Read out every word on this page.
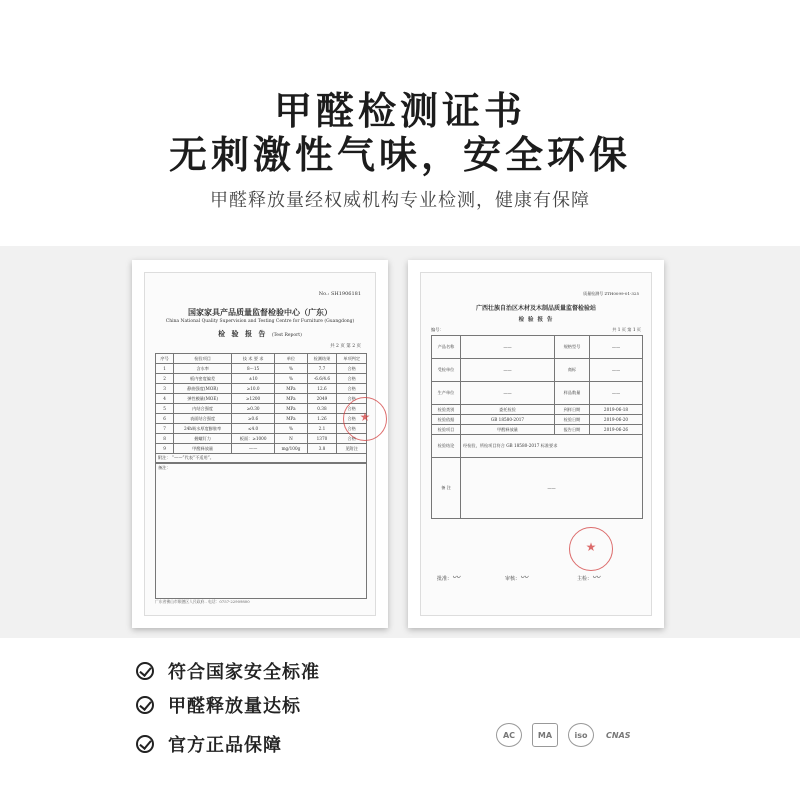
甲醛检测证书
无刺激性气味，安全环保
甲醛释放量经权威机构专业检测，健康有保障
No.: SH1906181
国家家具产品质量监督检验中心（广东）
China National Quality Supervision and Testing Centre for Furniture (Guangdong)
检 验 报 告 (Test Report)
共 2 页 第 2 页
序号	检验项目	技 术 要 求	单位	检测结果	单项判定
1	含水率	8～15	%	7.7	合格
2	板内密度偏差	±10	%	-6.6/4.6	合格
3	静曲强度(MOR)	≥10.0	MPa	12.6	合格
4	弹性模量(MOE)	≥1200	MPa	2049	合格
5	内结合强度	≥0.30	MPa	0.38	合格
6	表面结合强度	≥0.6	MPa	1.26	合格
7	24h吸水厚度膨胀率	≤4.0	%	2.1	合格
8	握螺钉力	板面：≥1000	N	1370	合格
9	甲醛释放量	——	mg/100g	3.8	见附注
附注： “——”代表“不适用”。
备注：
★
广东省佛山市顺德区人民政府.. 电话：0757-22909800
质量检测号 ZTH0099-01-325
广西壮族自治区木材及木制品质量监督检验站
检 验 报 告
编号：	共 1 页 第 1 页
产品名称	——	规格型号	——
受检单位	——	商标	——
生产单位	——	样品数量	——
检验类别	委托检验	到样日期	2019-06-18
检验依据	GB 18580-2017	检验日期	2019-06-20
检验项目	甲醛释放量	报告日期	2019-06-26
检验结论	经检验，所检项目符合 GB 18580-2017 标准要求		
备 注	——		
★
批准：〰	审核：〰	主检：〰
符合国家安全标准
甲醛释放量达标
官方正品保障	AC	MA	iso	CNAS
